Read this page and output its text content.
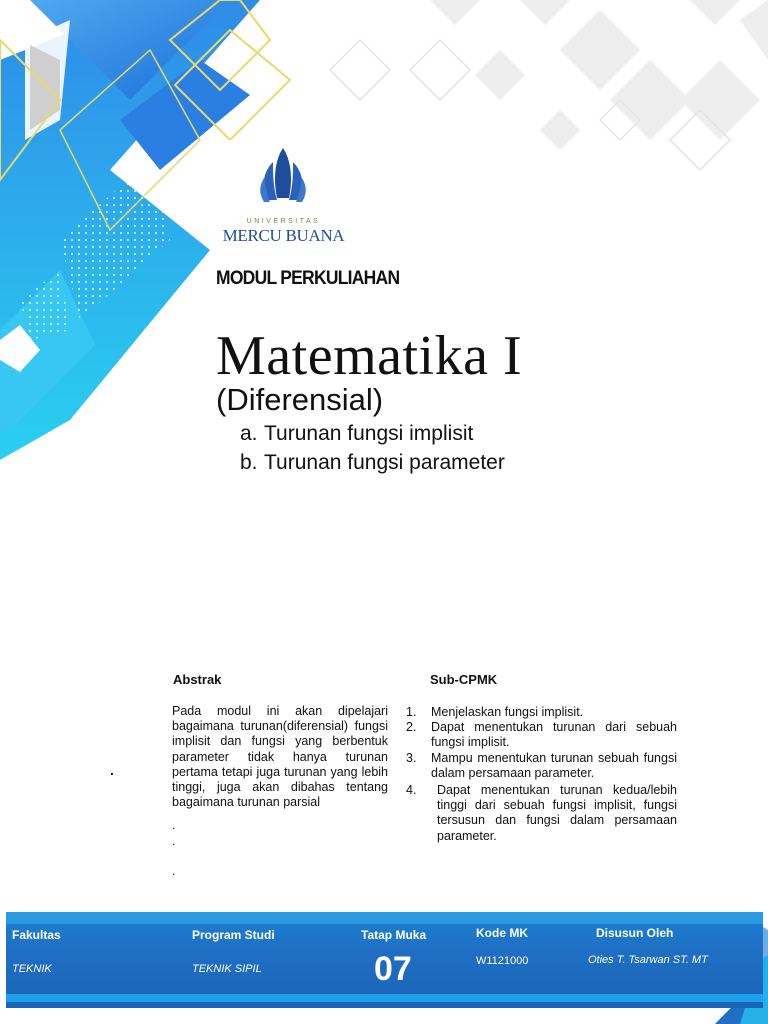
UNIVERSITAS
MERCU BUANA
MODUL PERKULIAHAN
Matematika I
(Diferensial)
a. Turunan fungsi implisit
b. Turunan fungsi parameter
Abstrak
Pada modul ini akan dipelajari bagaimana turunan(diferensial) fungsi implisit dan fungsi yang berbentuk parameter tidak hanya turunan pertama tetapi juga turunan yang lebih tinggi, juga akan dibahas tentang bagaimana turunan parsial
.
.
.
.
Sub-CPMK
1. Menjelaskan fungsi implisit.
2. Dapat menentukan turunan dari sebuah fungsi implisit.
3. Mampu menentukan turunan sebuah fungsi dalam persamaan parameter.
4. Dapat menentukan turunan kedua/lebih tinggi dari sebuah fungsi implisit, fungsi tersusun dan fungsi dalam persamaan parameter.
Fakultas
TEKNIK
Program Studi
TEKNIK SIPIL
Tatap Muka
07
Kode MK
W1121000
Disusun Oleh
Oties T. Tsarwan ST. MT
